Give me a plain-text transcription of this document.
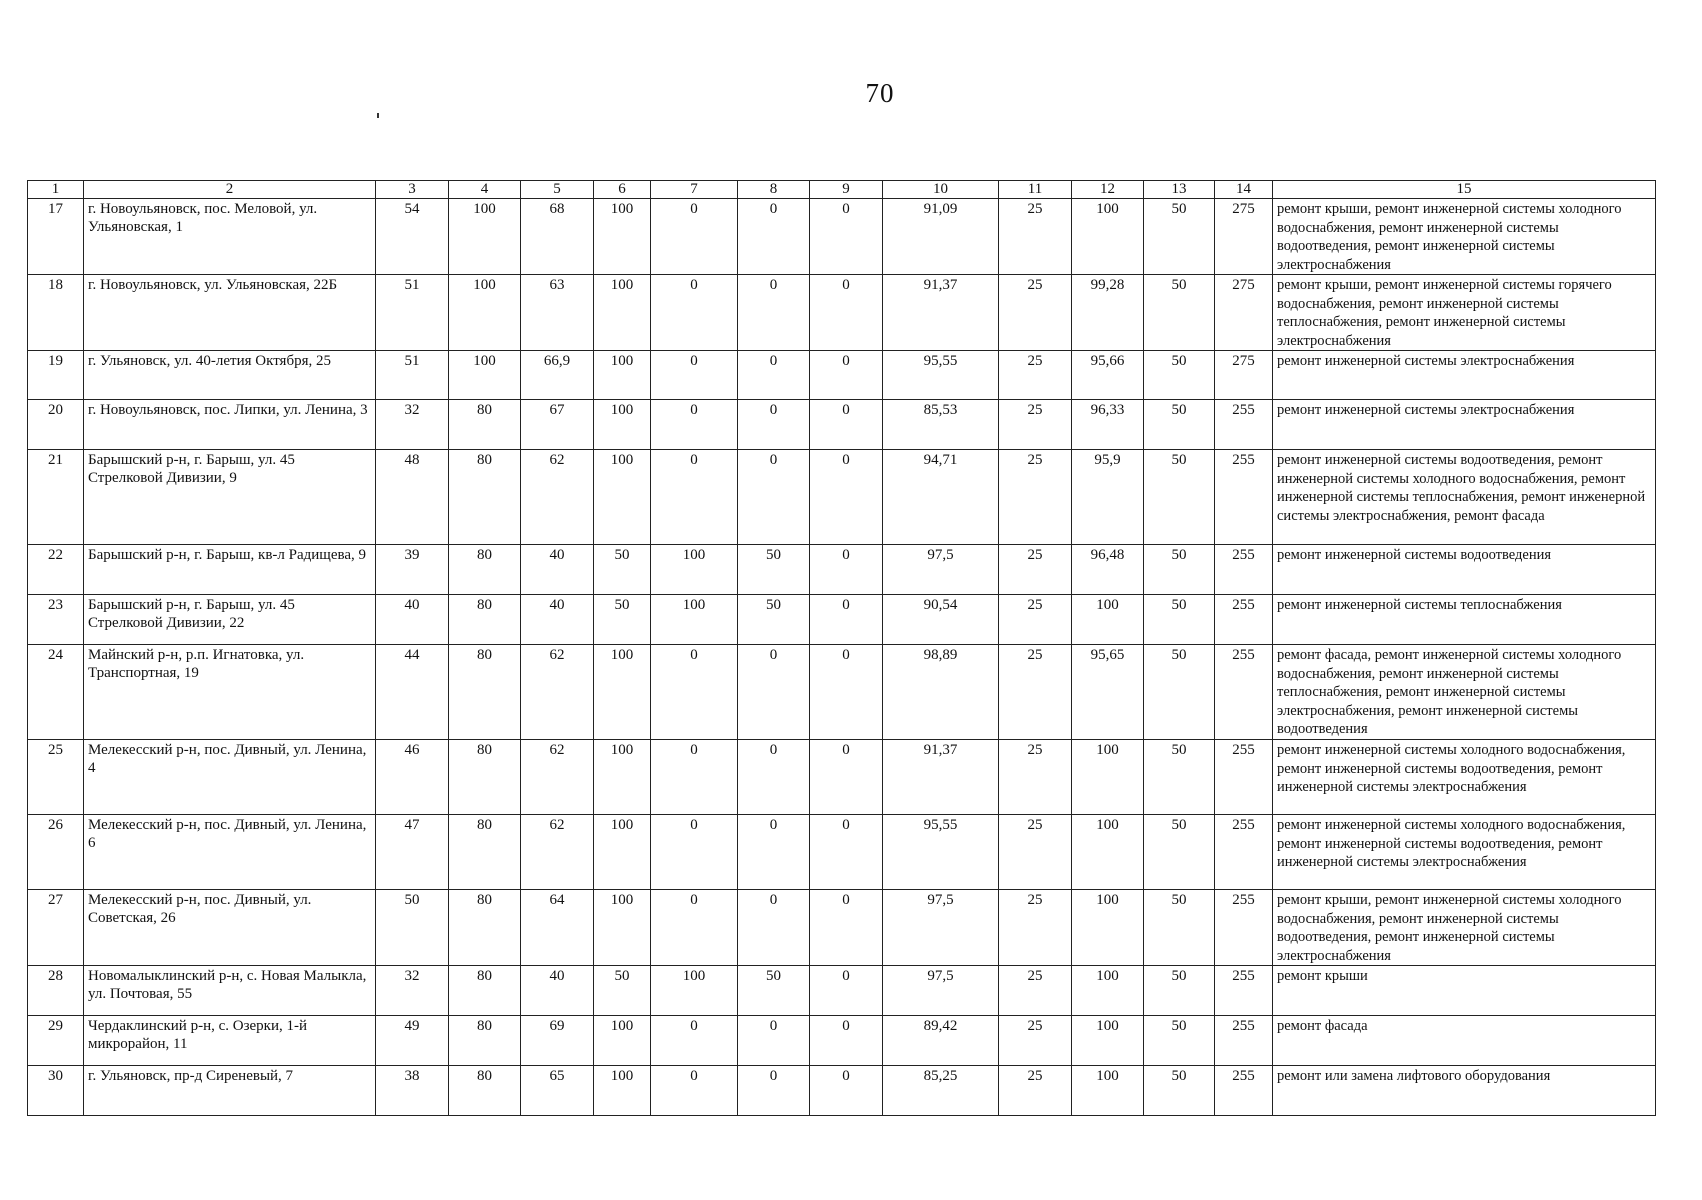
70
1	2	3	4	5	6	7	8	9	10	11	12	13	14	15
17	г. Новоульяновск, пос. Меловой, ул. Ульяновская, 1	54	100	68	100	0	0	0	91,09	25	100	50	275	ремонт крыши, ремонт инженерной системы холодного водоснабжения, ремонт инженерной системы водоотведения, ремонт инженерной системы электроснабжения
18	г. Новоульяновск, ул. Ульяновская, 22Б	51	100	63	100	0	0	0	91,37	25	99,28	50	275	ремонт крыши, ремонт инженерной системы горячего водоснабжения, ремонт инженерной системы теплоснабжения, ремонт инженерной системы электроснабжения
19	г. Ульяновск, ул. 40-летия Октября, 25	51	100	66,9	100	0	0	0	95,55	25	95,66	50	275	ремонт инженерной системы электроснабжения
20	г. Новоульяновск, пос. Липки, ул. Ленина, 3	32	80	67	100	0	0	0	85,53	25	96,33	50	255	ремонт инженерной системы электроснабжения
21	Барышский р-н, г. Барыш, ул. 45 Стрелковой Дивизии, 9	48	80	62	100	0	0	0	94,71	25	95,9	50	255	ремонт инженерной системы водоотведения, ремонт инженерной системы холодного водоснабжения, ремонт инженерной системы теплоснабжения, ремонт инженерной системы электроснабжения, ремонт фасада
22	Барышский р-н, г. Барыш, кв-л Радищева, 9	39	80	40	50	100	50	0	97,5	25	96,48	50	255	ремонт инженерной системы водоотведения
23	Барышский р-н, г. Барыш, ул. 45 Стрелковой Дивизии, 22	40	80	40	50	100	50	0	90,54	25	100	50	255	ремонт инженерной системы теплоснабжения
24	Майнский р-н, р.п. Игнатовка, ул. Транспортная, 19	44	80	62	100	0	0	0	98,89	25	95,65	50	255	ремонт фасада, ремонт инженерной системы холодного водоснабжения, ремонт инженерной системы теплоснабжения, ремонт инженерной системы электроснабжения, ремонт инженерной системы водоотведения
25	Мелекесский р-н, пос. Дивный, ул. Ленина, 4	46	80	62	100	0	0	0	91,37	25	100	50	255	ремонт инженерной системы холодного водоснабжения, ремонт инженерной системы водоотведения, ремонт инженерной системы электроснабжения
26	Мелекесский р-н, пос. Дивный, ул. Ленина, 6	47	80	62	100	0	0	0	95,55	25	100	50	255	ремонт инженерной системы холодного водоснабжения, ремонт инженерной системы водоотведения, ремонт инженерной системы электроснабжения
27	Мелекесский р-н, пос. Дивный, ул. Советская, 26	50	80	64	100	0	0	0	97,5	25	100	50	255	ремонт крыши, ремонт инженерной системы холодного водоснабжения, ремонт инженерной системы водоотведения, ремонт инженерной системы электроснабжения
28	Новомалыклинский р-н, с. Новая Малыкла, ул. Почтовая, 55	32	80	40	50	100	50	0	97,5	25	100	50	255	ремонт крыши
29	Чердаклинский р-н, с. Озерки, 1-й микрорайон, 11	49	80	69	100	0	0	0	89,42	25	100	50	255	ремонт фасада
30	г. Ульяновск, пр-д Сиреневый, 7	38	80	65	100	0	0	0	85,25	25	100	50	255	ремонт или замена лифтового оборудования
